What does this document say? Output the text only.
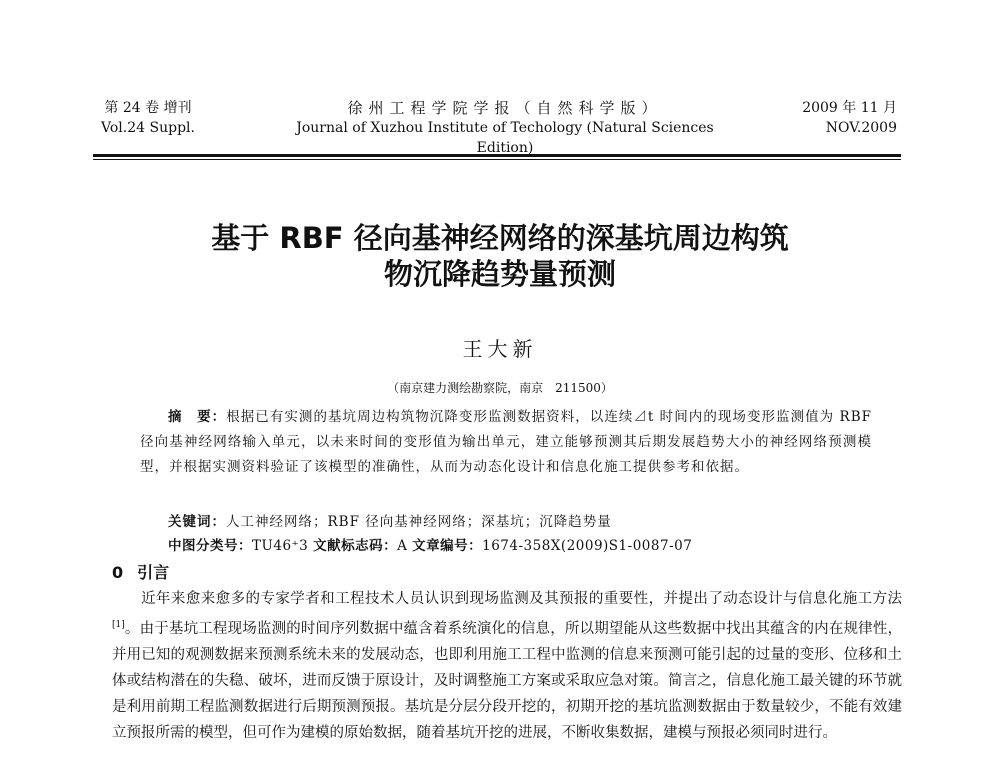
第 24 卷 增刊
Vol.24 Suppl.
徐州工程学院学报（自然科学版）
Journal of Xuzhou Institute of Techology (Natural Sciences Edition)
2009 年 11 月
NOV.2009
基于 RBF 径向基神经网络的深基坑周边构筑
物沉降趋势量预测
王大新
（南京建力测绘勘察院，南京　211500）
摘　要：根据已有实测的基坑周边构筑物沉降变形监测数据资料，以连续⊿t 时间内的现场变形监测值为 RBF 径向基神经网络输入单元，以未来时间的变形值为输出单元，建立能够预测其后期发展趋势大小的神经网络预测模型，并根据实测资料验证了该模型的准确性，从而为动态化设计和信息化施工提供参考和依据。
关键词：人工神经网络；RBF 径向基神经网络；深基坑；沉降趋势量
中图分类号：TU46⁺3 文献标志码：A 文章编号：1674-358X(2009)S1-0087-07
0 引言
近年来愈来愈多的专家学者和工程技术人员认识到现场监测及其预报的重要性，并提出了动态设计与信息化施工方法[1]。由于基坑工程现场监测的时间序列数据中蕴含着系统演化的信息，所以期望能从这些数据中找出其蕴含的内在规律性，并用已知的观测数据来预测系统未来的发展动态，也即利用施工工程中监测的信息来预测可能引起的过量的变形、位移和土体或结构潜在的失稳、破坏，进而反馈于原设计，及时调整施工方案或采取应急对策。简言之，信息化施工最关键的环节就是利用前期工程监测数据进行后期预测预报。基坑是分层分段开挖的，初期开挖的基坑监测数据由于数量较少，不能有效建立预报所需的模型，但可作为建模的原始数据，随着基坑开挖的进展，不断收集数据，建模与预报必须同时进行。
